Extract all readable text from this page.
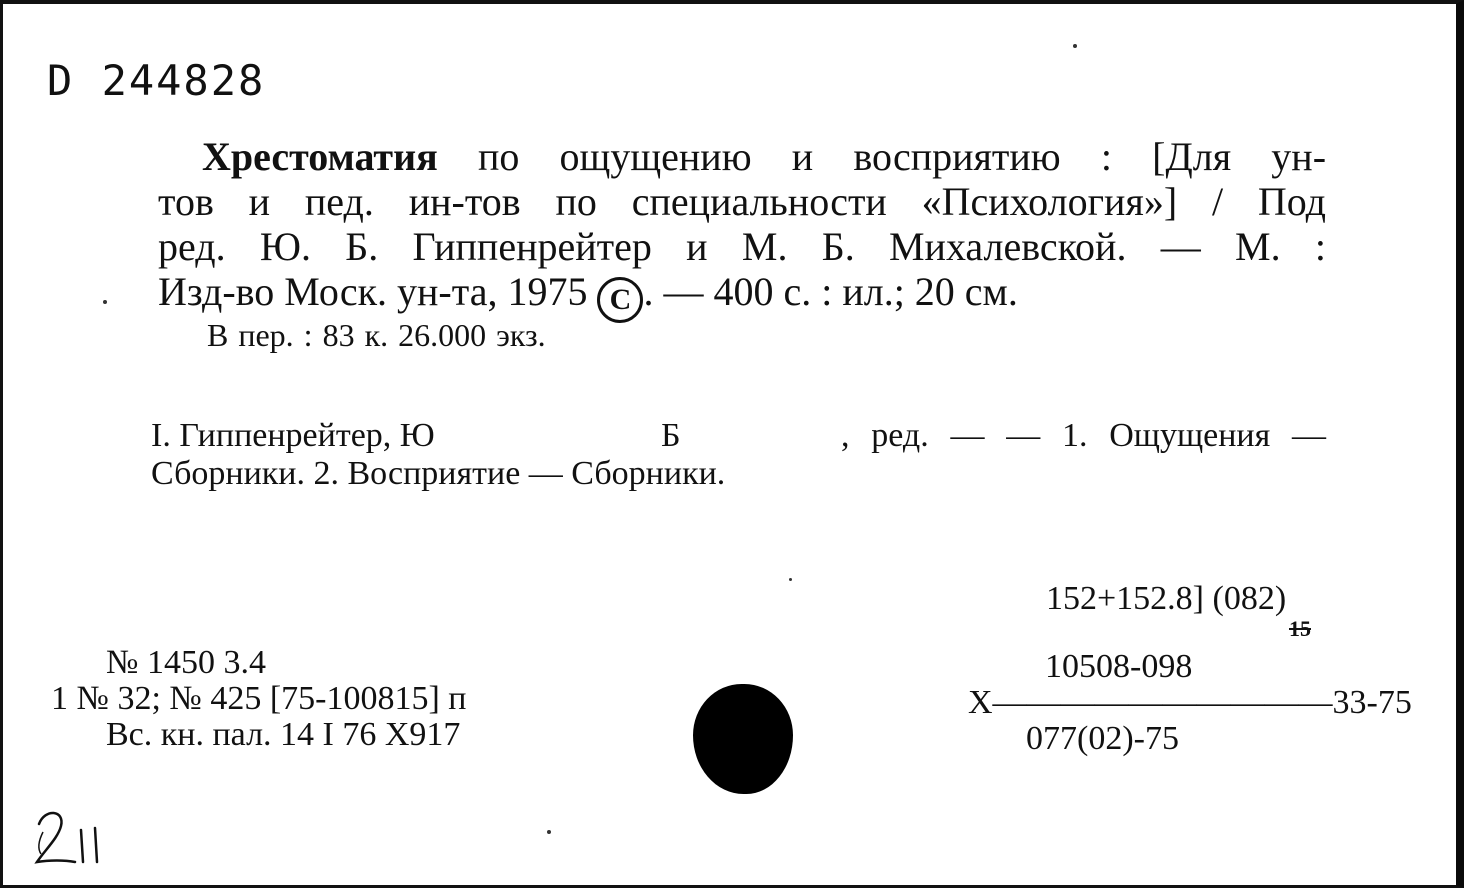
D 244828
Хрестоматия по ощущению и восприятию : [Для ун-
тов и пед. ин-тов по специальности «Психология»] / Под
ред. Ю. Б. Гиппенрейтер и М. Б. Михалевской. — М. :
Изд-во Моск. ун-та, 1975 C . — 400 с. : ил.; 20 см.
В пер. : 83 к. 26.000 экз.
I. Гиппенрейтер, Ю	Б	, ред. — — 1. Ощущения —
Сборники. 2. Восприятие — Сборники.
152+152.8] (082)
15
10508-098
Х——————————33-75
077(02)-75
№ 1450 3.4
1 № 32; № 425 [75-100815] п
Вс. кн. пал. 14 I 76 Х917
